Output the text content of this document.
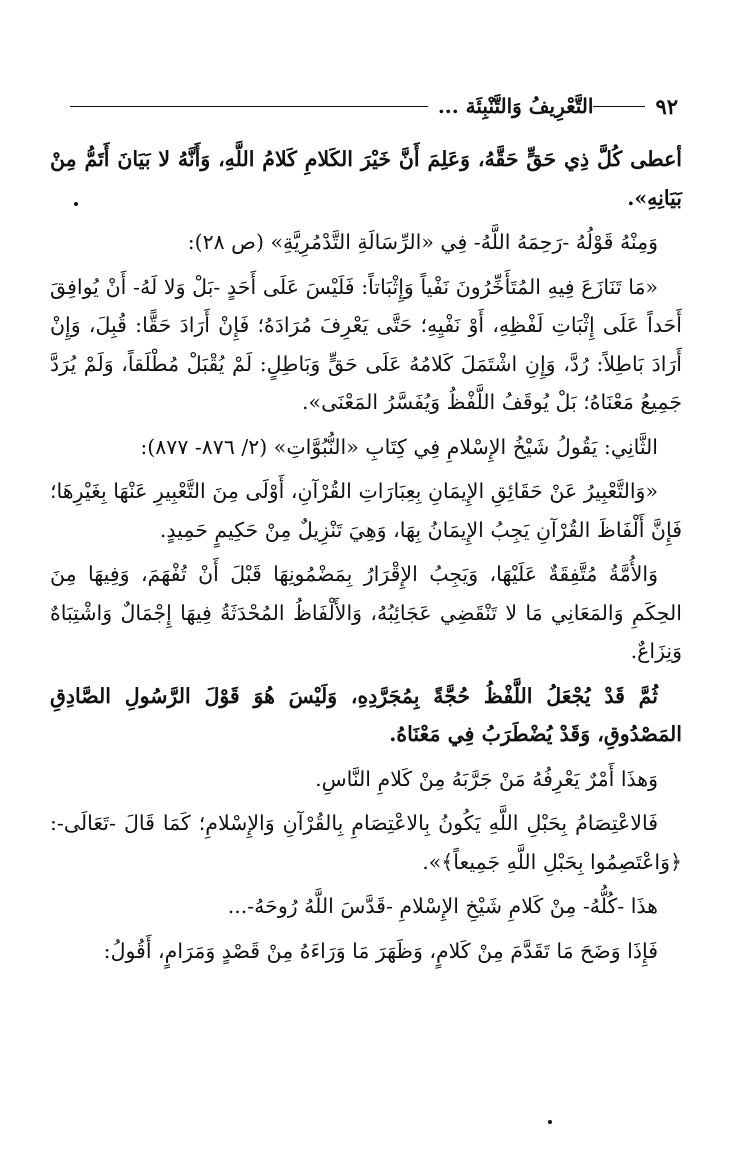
٩٢
التَّعْرِيفُ وَالتَّنْبِئَة ...

أعطى كُلَّ ذِي حَقٍّ حَقَّهُ، وَعَلِمَ أَنَّ خَيْرَ الكَلامِ كَلامُ اللَّهِ، وَأَنَّهُ لا بَيَانَ أَتَمُّ مِنْ بَيَانِهِ».

وَمِنْهُ قَوْلُهُ -رَحِمَهُ اللَّهُ- فِي «الرِّسَالَةِ التَّدْمُرِيَّةِ» (ص ٢٨):

«مَا تَنَازَعَ فِيهِ المُتَأَخِّرُونَ نَفْياً وَإِثْبَاتاً: فَلَيْسَ عَلَى أَحَدٍ -بَلْ وَلا لَهُ- أَنْ يُوافِقَ أَحَداً عَلَى إِثْبَاتِ لَفْظِهِ، أَوْ نَفْيِهِ؛ حَتَّى يَعْرِفَ مُرَادَهُ؛ فَإِنْ أَرَادَ حَقًّا: قُبِلَ، وَإِنْ أَرَادَ بَاطِلاً: رُدَّ، وَإِنِ اشْتَمَلَ كَلامُهُ عَلَى حَقٍّ وَبَاطِلٍ: لَمْ يُقْبَلْ مُطْلَقاً، وَلَمْ يُرَدَّ جَمِيعُ مَعْنَاهُ؛ بَلْ يُوقَفُ اللَّفْظُ وَيُفَسَّرُ المَعْنَى».

الثَّانِي: يَقُولُ شَيْخُ الإِسْلامِ فِي كِتَابِ «النُّبُوَّاتِ» (٢/ ٨٧٦- ٨٧٧):

«وَالتَّعْبِيرُ عَنْ حَقَائِقِ الإِيمَانِ بِعِبَارَاتِ القُرْآنِ، أَوْلَى مِنَ التَّعْبِيرِ عَنْهَا بِغَيْرِهَا؛ فَإِنَّ أَلْفَاظَ القُرْآنِ يَجِبُ الإِيمَانُ بِهَا، وَهِيَ تَنْزِيلٌ مِنْ حَكِيمٍ حَمِيدٍ.

وَالأُمَّةُ مُتَّفِقَةٌ عَلَيْهَا، وَيَجِبُ الإِقْرَارُ بِمَضْمُونِهَا قَبْلَ أَنْ تُفْهَمَ، وَفِيهَا مِنَ الحِكَمِ وَالمَعَانِي مَا لا تَنْقَضِي عَجَائِبُهُ، وَالأَلْفَاظُ المُحْدَثَةُ فِيهَا إِجْمَالٌ وَاشْتِبَاهٌ وَنِزَاعٌ.

ثُمَّ قَدْ يُجْعَلُ اللَّفْظُ حُجَّةً بِمُجَرَّدِهِ، وَلَيْسَ هُوَ قَوْلَ الرَّسُولِ الصَّادِقِ المَصْدُوقِ، وَقَدْ يُضْطَرَبُ فِي مَعْنَاهُ.

وَهذَا أَمْرٌ يَعْرِفُهُ مَنْ جَرَّبَهُ مِنْ كَلامِ النَّاسِ.

فَالاعْتِصَامُ بِحَبْلِ اللَّهِ يَكُونُ بِالاعْتِصَامِ بِالقُرْآنِ وَالإِسْلامِ؛ كَمَا قَالَ -تَعَالَى-: ﴿وَاعْتَصِمُوا بِحَبْلِ اللَّهِ جَمِيعاً﴾».

هذَا -كُلُّهُ- مِنْ كَلامِ شَيْخِ الإِسْلامِ -قَدَّسَ اللَّهُ رُوحَهُ-...

فَإِذَا وَضَحَ مَا تَقَدَّمَ مِنْ كَلامٍ، وَظَهَرَ مَا وَرَاءَهُ مِنْ قَصْدٍ وَمَرَامٍ، أَقُولُ:
